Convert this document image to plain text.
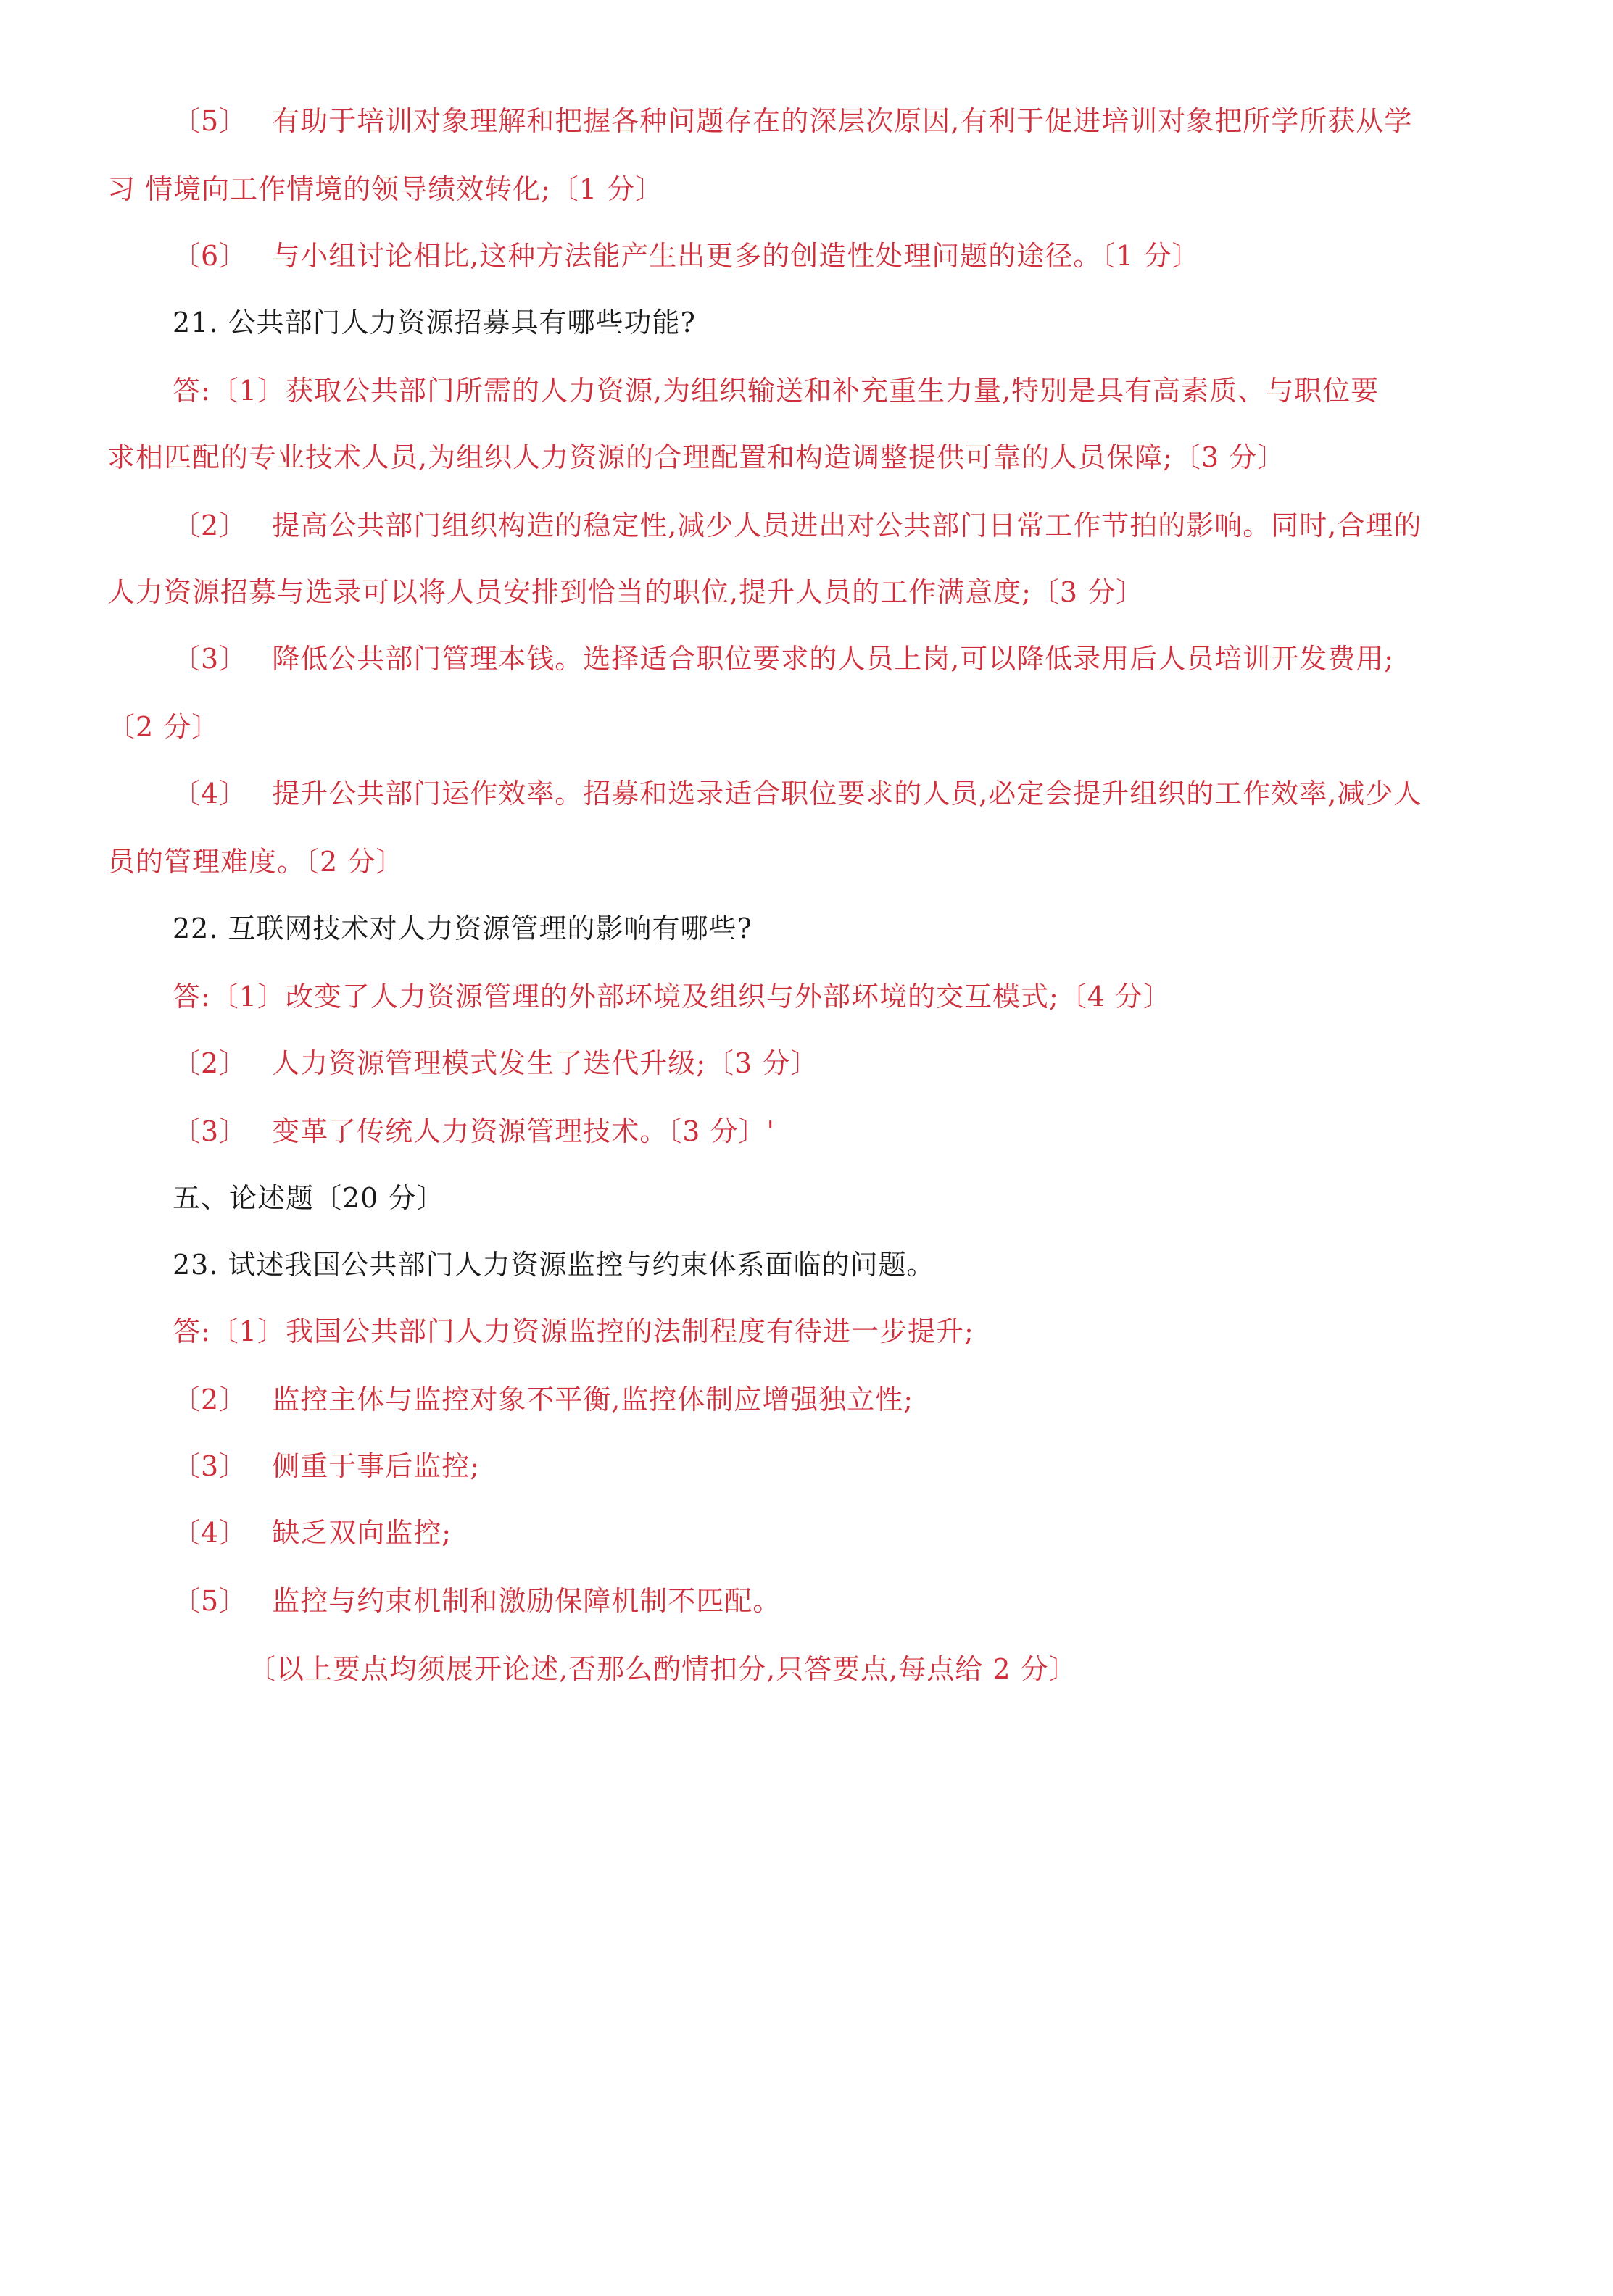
〔5〕 有助于培训对象理解和把握各种问题存在的深层次原因,有利于促进培训对象把所学所获从学
习 情境向工作情境的领导绩效转化;〔1 分〕
〔6〕 与小组讨论相比,这种方法能产生出更多的创造性处理问题的途径。〔1 分〕
21. 公共部门人力资源招募具有哪些功能?
答:〔1〕获取公共部门所需的人力资源,为组织输送和补充重生力量,特别是具有高素质、与职位要
求相匹配的专业技术人员,为组织人力资源的合理配置和构造调整提供可靠的人员保障;〔3 分〕
〔2〕 提高公共部门组织构造的稳定性,减少人员进出对公共部门日常工作节拍的影响。同时,合理的
人力资源招募与选录可以将人员安排到恰当的职位,提升人员的工作满意度;〔3 分〕
〔3〕 降低公共部门管理本钱。选择适合职位要求的人员上岗,可以降低录用后人员培训开发费用;
〔2 分〕
〔4〕 提升公共部门运作效率。招募和选录适合职位要求的人员,必定会提升组织的工作效率,减少人
员的管理难度。〔2 分〕
22. 互联网技术对人力资源管理的影响有哪些?
答:〔1〕改变了人力资源管理的外部环境及组织与外部环境的交互模式;〔4 分〕
〔2〕 人力资源管理模式发生了迭代升级;〔3 分〕
〔3〕 变革了传统人力资源管理技术。〔3 分〕'
五、论述题〔20 分〕
23. 试述我国公共部门人力资源监控与约束体系面临的问题。
答:〔1〕我国公共部门人力资源监控的法制程度有待进一步提升;
〔2〕 监控主体与监控对象不平衡,监控体制应增强独立性;
〔3〕 侧重于事后监控;
〔4〕 缺乏双向监控;
〔5〕 监控与约束机制和激励保障机制不匹配。
〔以上要点均须展开论述,否那么酌情扣分,只答要点,每点给 2 分〕
